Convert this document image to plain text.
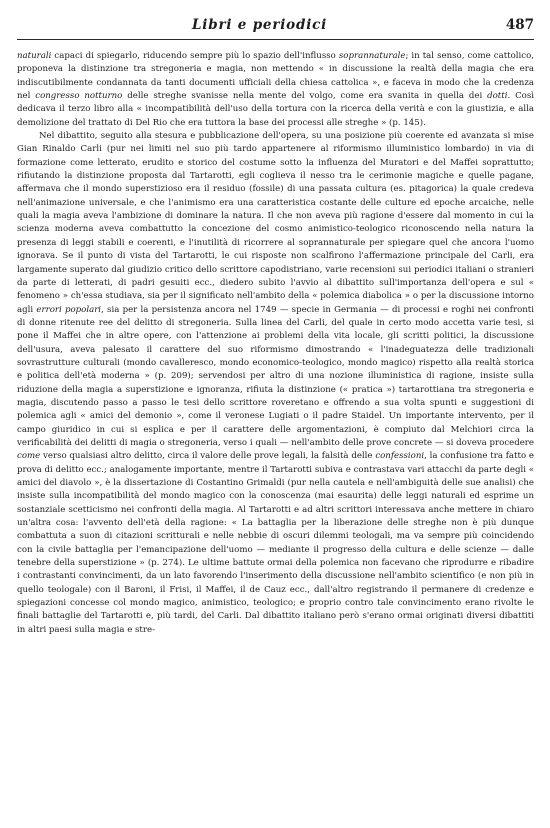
Libri e periodici	487

naturali capaci di spiegarlo, riducendo sempre più lo spazio dell'influsso soprannaturale; in tal senso, come cattolico, proponeva la distinzione tra stregoneria e magia, non mettendo « in discussione la realtà della magia che era indiscutibilmente condannata da tanti documenti ufficiali della chiesa cattolica », e faceva in modo che la credenza nel congresso notturno delle streghe svanisse nella mente del volgo, come era svanita in quella dei dotti. Così dedicava il terzo libro alla « incompatibilità dell'uso della tortura con la ricerca della verità e con la giustizia, e alla demolizione del trattato di Del Rio che era tuttora la base dei processi alle streghe » (p. 145).

Nel dibattito, seguito alla stesura e pubblicazione dell'opera, su una posizione più coerente ed avanzata si mise Gian Rinaldo Carli (pur nei limiti nel suo più tardo appartenere al riformismo illuministico lombardo) in via di formazione come letterato, erudito e storico del costume sotto la influenza del Muratori e del Maffei soprattutto; rifiutando la distinzione proposta dal Tartarotti, egli coglieva il nesso tra le cerimonie magiche e quelle pagane, affermava che il mondo superstizioso era il residuo (fossile) di una passata cultura (es. pitagorica) la quale credeva nell'animazione universale, e che l'animismo era una caratteristica costante delle culture ed epoche arcaiche, nelle quali la magia aveva l'ambizione di dominare la natura. Il che non aveva più ragione d'essere dal momento in cui la scienza moderna aveva combattutto la concezione del cosmo animistico-teologico riconoscendo nella natura la presenza di leggi stabili e coerenti, e l'inutilità di ricorrere al soprannaturale per spiegare quel che ancora l'uomo ignorava. Se il punto di vista del Tartarotti, le cui risposte non scalfirono l'affermazione principale del Carli, era largamente superato dal giudizio critico dello scrittore capodistriano, varie recensioni sui periodici italiani o stranieri da parte di letterati, di padri gesuiti ecc., diedero subito l'avvio al dibattito sull'importanza dell'opera e sul « fenomeno » ch'essa studiava, sia per il significato nell'ambito della « polemica diabolica » o per la discussione intorno agli errori popolari, sia per la persistenza ancora nel 1749 — specie in Germania — di processi e roghi nei confronti di donne ritenute ree del delitto di stregoneria. Sulla linea del Carli, del quale in certo modo accetta varie tesi, si pone il Maffei che in altre opere, con l'attenzione ai problemi della vita locale, gli scritti politici, la discussione dell'usura, aveva palesato il carattere del suo riformismo dimostrando « l'inadeguatezza delle tradizionali sovrastrutture culturali (mondo cavalleresco, mondo economico-teologico, mondo magico) rispetto alla realtà storica e politica dell'età moderna » (p. 209); servendosi per altro di una nozione illuministica di ragione, insiste sulla riduzione della magia a superstizione e ignoranza, rifiuta la distinzione (« pratica ») tartarottiana tra stregoneria e magia, discutendo passo a passo le tesi dello scrittore roveretano e offrendo a sua volta spunti e suggestioni di polemica agli « amici del demonio », come il veronese Lugiati o il padre Staidel. Un importante intervento, per il campo giuridico in cui si esplica e per il carattere delle argomentazioni, è compiuto dal Melchiori circa la verificabilità dei delitti di magia o stregoneria, verso i quali — nell'ambito delle prove concrete — si doveva procedere come verso qualsiasi altro delitto, circa il valore delle prove legali, la falsità delle confessioni, la confusione tra fatto e prova di delitto ecc.; analogamente importante, mentre il Tartarotti subiva e contrastava vari attacchi da parte degli « amici del diavolo », è la dissertazione di Costantino Grimaldi (pur nella cautela e nell'ambiguità delle sue analisi) che insiste sulla incompatibilità del mondo magico con la conoscenza (mai esaurita) delle leggi naturali ed esprime un sostanziale scetticismo nei confronti della magia. Al Tartarotti e ad altri scrittori interessava anche mettere in chiaro un'altra cosa: l'avvento dell'età della ragione: « La battaglia per la liberazione delle streghe non è più dunque combattuta a suon di citazioni scritturali e nelle nebbie di oscuri dilemmi teologali, ma va sempre più coincidendo con la civile battaglia per l'emancipazione dell'uomo — mediante il progresso della cultura e delle scienze — dalle tenebre della superstizione » (p. 274). Le ultime battute ormai della polemica non facevano che riprodurre e ribadire i contrastanti convincimenti, da un lato favorendo l'inserimento della discussione nell'ambito scientifico (e non più in quello teologale) con il Baroni, il Frisi, il Maffei, il de Cauz ecc., dall'altro registrando il permanere di credenze e spiegazioni concesse col mondo magico, animistico, teologico; e proprio contro tale convincimento erano rivolte le finali battaglie del Tartarotti e, più tardi, del Carli. Dal dibattito italiano però s'erano ormai originati diversi dibattiti in altri paesi sulla magia e stre-
